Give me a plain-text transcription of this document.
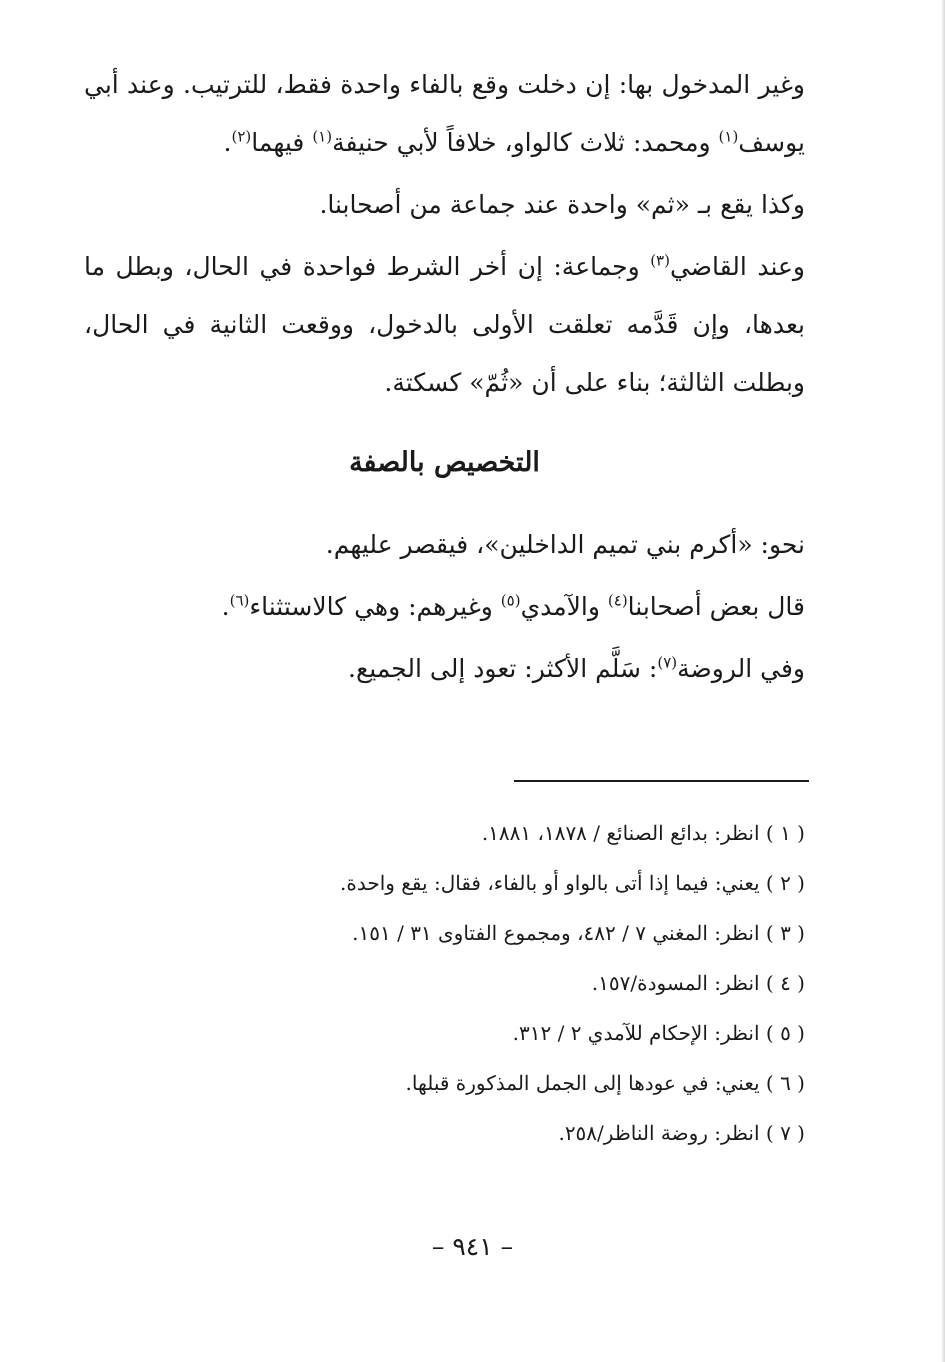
وغير المدخول بها: إن دخلت وقع بالفاء واحدة فقط، للترتيب. وعند أبي يوسف$^{(١)}$ ومحمد: ثلاث كالواو، خلافاً لأبي حنيفة$^{(١)}$ فيهما$^{(٢)}$.

وكذا يقع بـ «ثم» واحدة عند جماعة من أصحابنا.

وعند القاضي$^{(٣)}$ وجماعة: إن أخر الشرط فواحدة في الحال، وبطل ما بعدها، وإن قَدَّمه تعلقت الأولى بالدخول، ووقعت الثانية في الحال، وبطلت الثالثة؛ بناء على أن «ثُمّ» كسكتة.

التخصيص بالصفة

نحو: «أكرم بني تميم الداخلين»، فيقصر عليهم.

قال بعض أصحابنا$^{(٤)}$ والآمدي$^{(٥)}$ وغيرهم: وهي كالاستثناء$^{(٦)}$.

وفي الروضة$^{(٧)}$: سَلَّم الأكثر: تعود إلى الجميع.

( ١ ) انظر: بدائع الصنائع / ١٨٧٨، ١٨٨١.

( ٢ ) يعني: فيما إذا أتى بالواو أو بالفاء، فقال: يقع واحدة.

( ٣ ) انظر: المغني ٧ / ٤٨٢، ومجموع الفتاوى ٣١ / ١٥١.

( ٤ ) انظر: المسودة/١٥٧.

( ٥ ) انظر: الإحكام للآمدي ٢ / ٣١٢.

( ٦ ) يعني: في عودها إلى الجمل المذكورة قبلها.

( ٧ ) انظر: روضة الناظر/٢٥٨.

– ٩٤١ –
